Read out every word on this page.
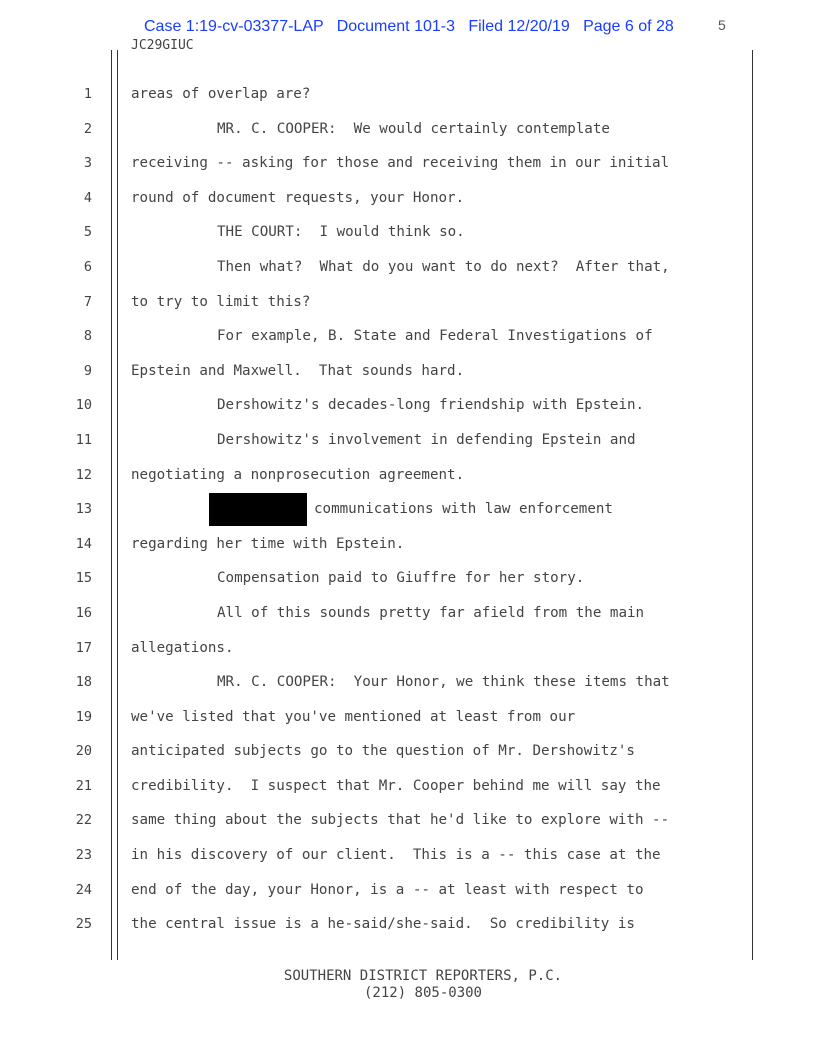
Case 1:19-cv-03377-LAP   Document 101-3   Filed 12/20/19   Page 6 of 28	5
JC29GIUC
1	areas of overlap are?
2	MR. C. COOPER:  We would certainly contemplate
3	receiving -- asking for those and receiving them in our initial
4	round of document requests, your Honor.
5	THE COURT:  I would think so.
6	Then what?  What do you want to do next?  After that,
7	to try to limit this?
8	For example, B. State and Federal Investigations of
9	Epstein and Maxwell.  That sounds hard.
10	Dershowitz's decades-long friendship with Epstein.
11	Dershowitz's involvement in defending Epstein and
12	negotiating a nonprosecution agreement.
13	communications with law enforcement
14	regarding her time with Epstein.
15	Compensation paid to Giuffre for her story.
16	All of this sounds pretty far afield from the main
17	allegations.
18	MR. C. COOPER:  Your Honor, we think these items that
19	we've listed that you've mentioned at least from our
20	anticipated subjects go to the question of Mr. Dershowitz's
21	credibility.  I suspect that Mr. Cooper behind me will say the
22	same thing about the subjects that he'd like to explore with --
23	in his discovery of our client.  This is a -- this case at the
24	end of the day, your Honor, is a -- at least with respect to
25	the central issue is a he-said/she-said.  So credibility is
SOUTHERN DISTRICT REPORTERS, P.C.
(212) 805-0300
